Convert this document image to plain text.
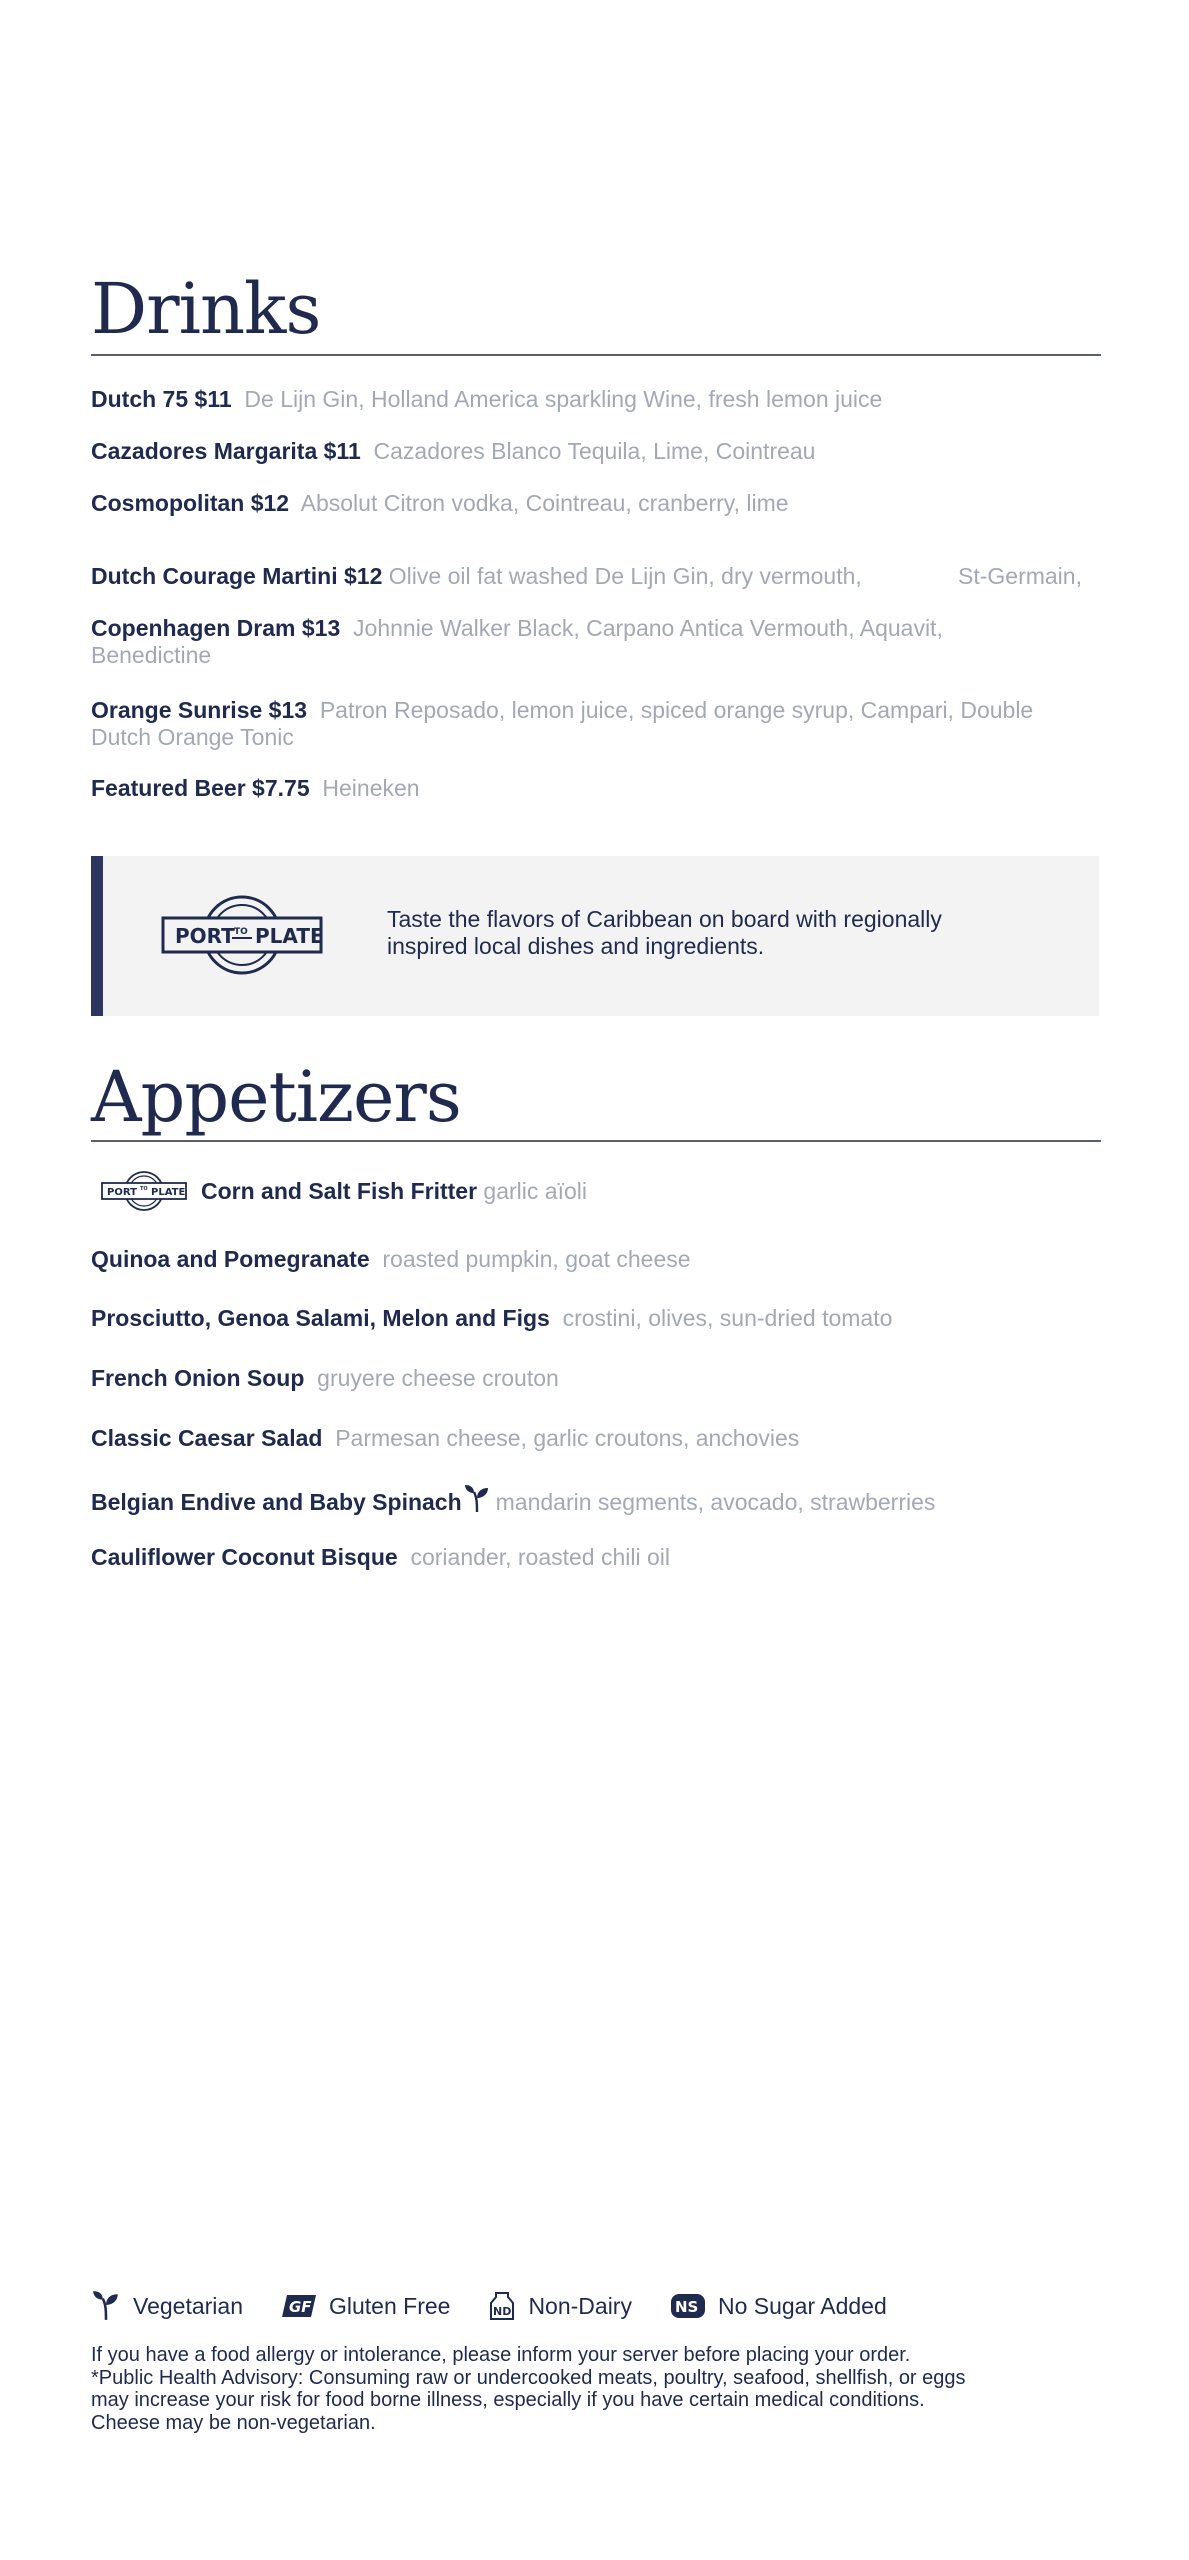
Drinks
Dutch 75 $11 De Lijn Gin, Holland America sparkling Wine, fresh lemon juice
Cazadores Margarita $11 Cazadores Blanco Tequila, Lime, Cointreau
Cosmopolitan $12 Absolut Citron vodka, Cointreau, cranberry, lime
Dutch Courage Martini $12 Olive oil fat washed De Lijn Gin, dry vermouth,	St-Germain,
Copenhagen Dram $13 Johnnie Walker Black, Carpano Antica Vermouth, Aquavit,
Benedictine
Orange Sunrise $13 Patron Reposado, lemon juice, spiced orange syrup, Campari, Double
Dutch Orange Tonic
Featured Beer $7.75 Heineken
PORT TO PLATE
Taste the flavors of Caribbean on board with regionally inspired local dishes and ingredients.
Appetizers
PORT TO PLATE Corn and Salt Fish Fritter
garlic aïoli
Quinoa and Pomegranate roasted pumpkin, goat cheese
Prosciutto, Genoa Salami, Melon and Figs crostini, olives, sun-dried tomato
French Onion Soup gruyere cheese crouton
Classic Caesar Salad Parmesan cheese, garlic croutons, anchovies
Belgian Endive and Baby Spinach mandarin segments, avocado, strawberries
Cauliflower Coconut Bisque coriander, roasted chili oil
Vegetarian	GF Gluten Free	ND Non-Dairy	NS No Sugar Added
If you have a food allergy or intolerance, please inform your server before placing your order.
*Public Health Advisory: Consuming raw or undercooked meats, poultry, seafood, shellfish, or eggs
may increase your risk for food borne illness, especially if you have certain medical conditions.
Cheese may be non-vegetarian.
